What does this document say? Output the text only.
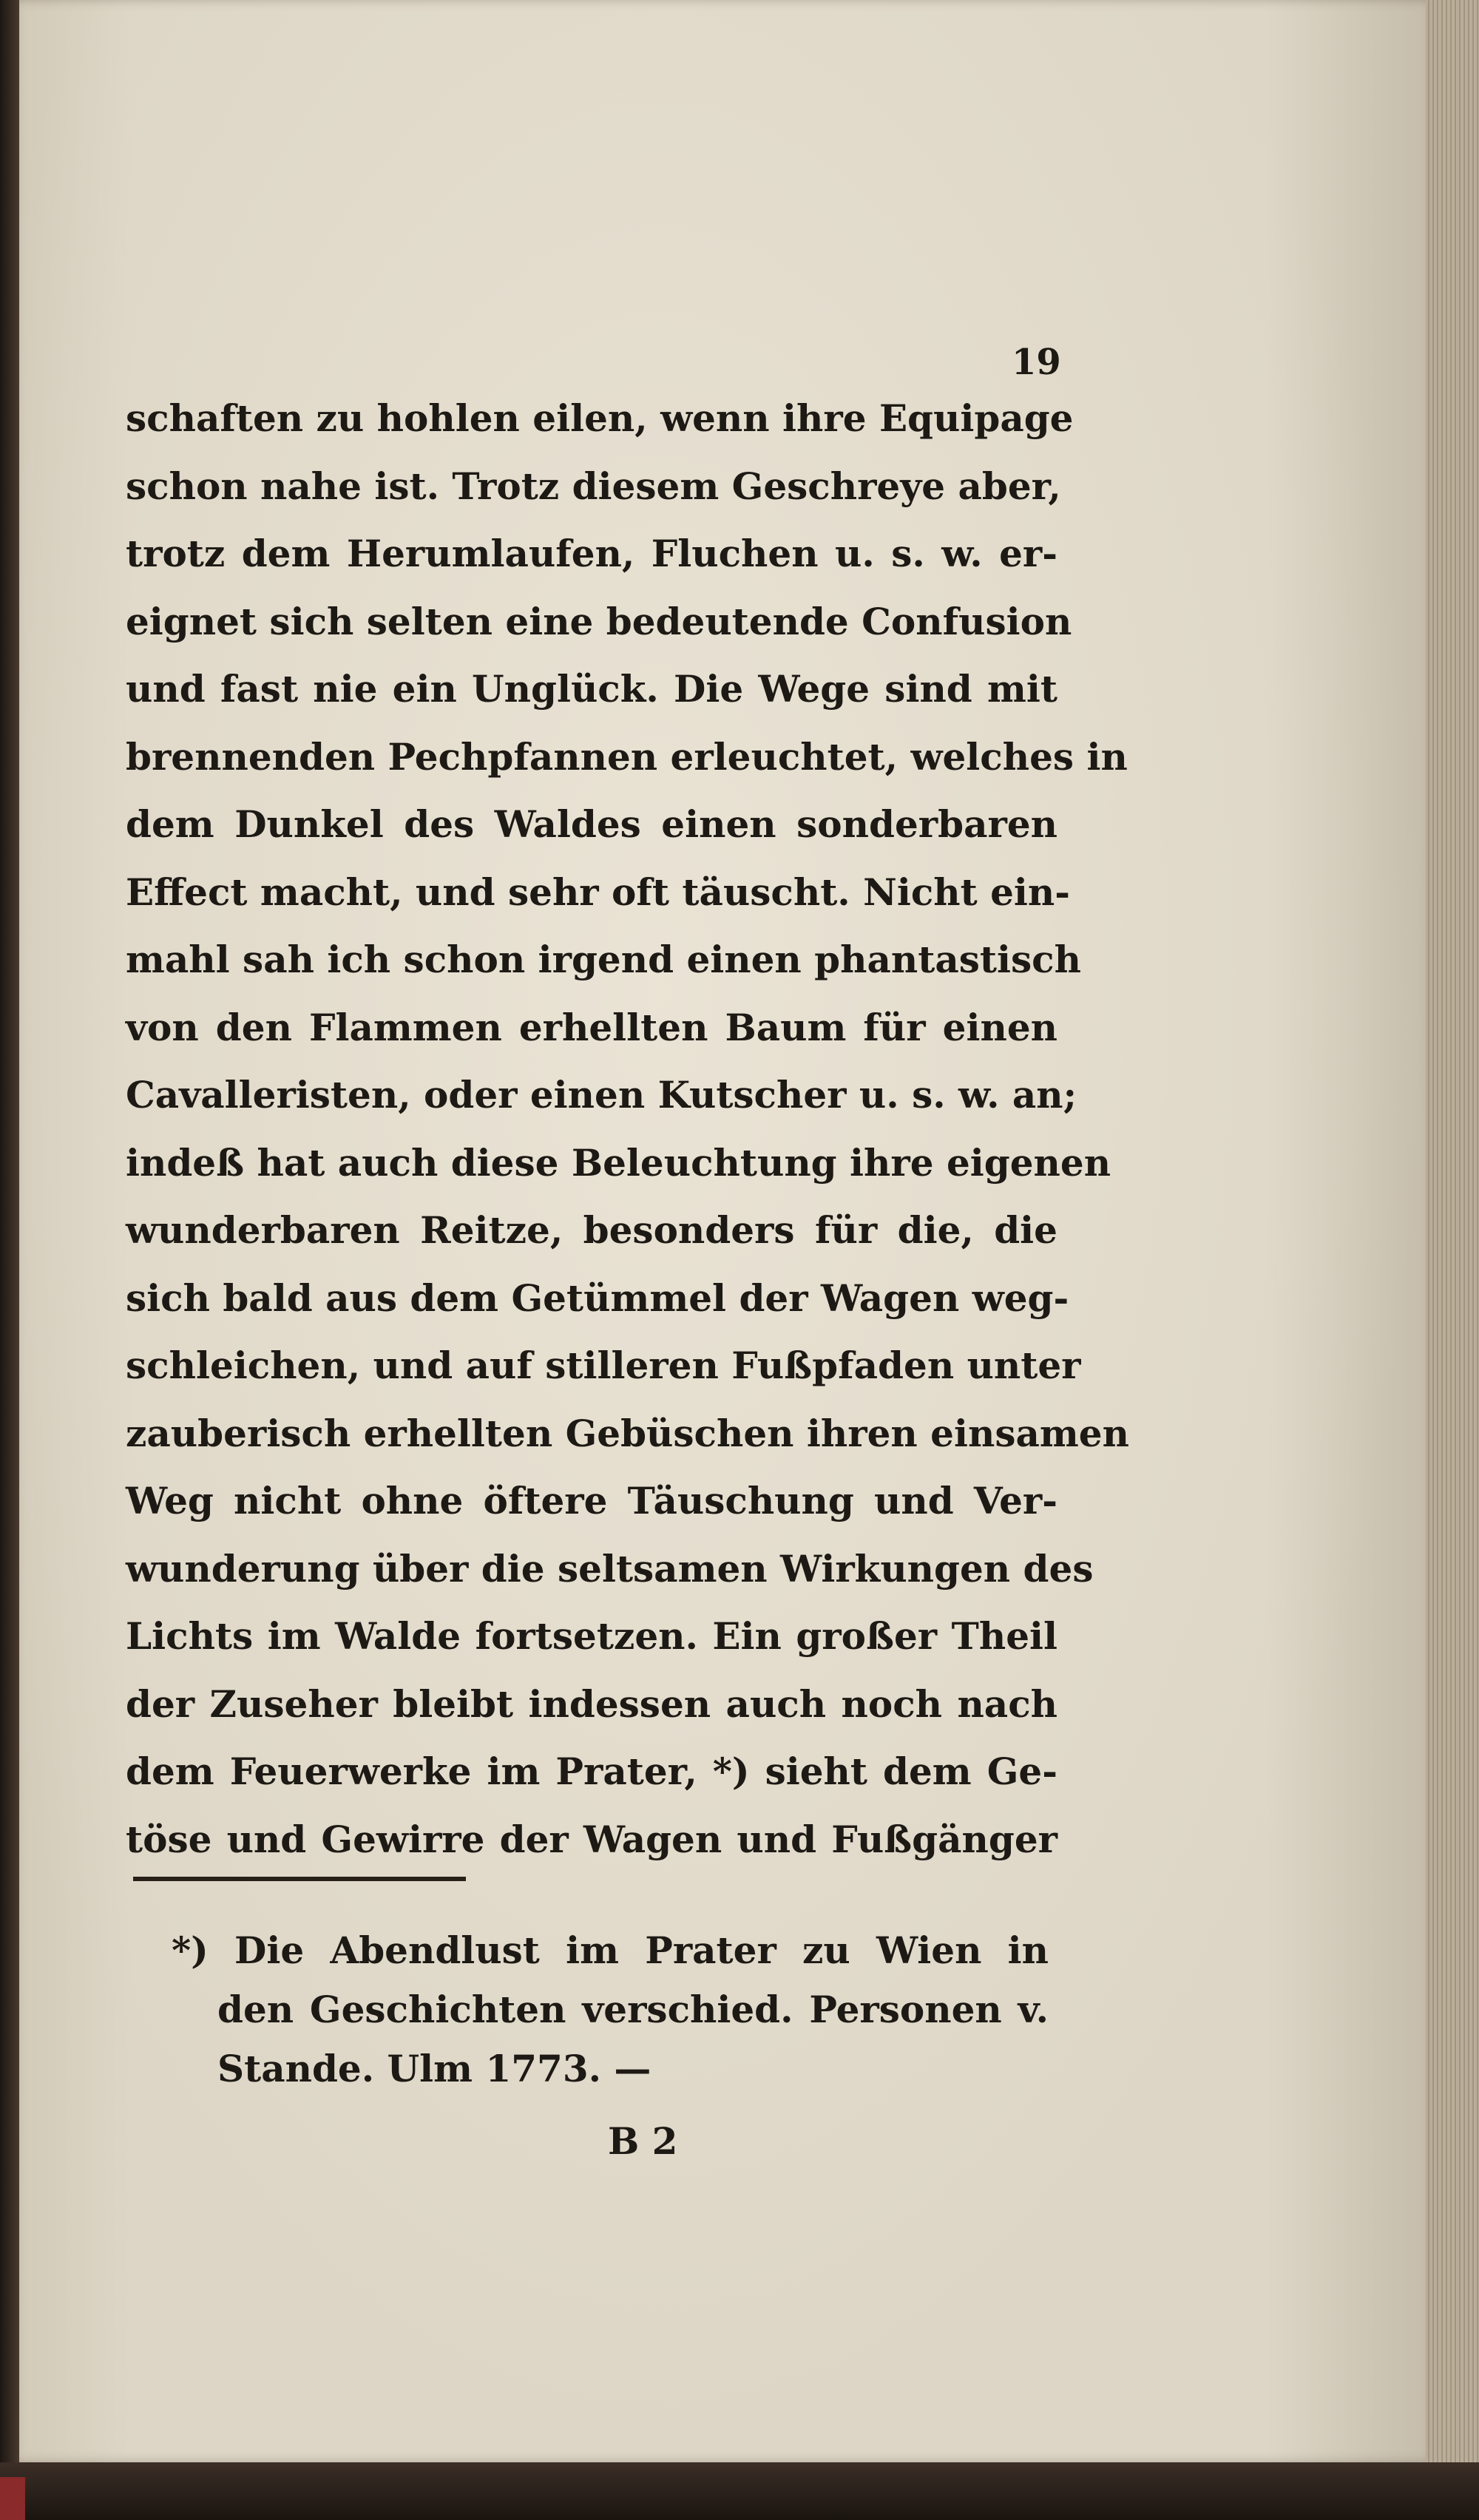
19
schaften zu hohlen eilen, wenn ihre Equipage
schon nahe ist. Trotz diesem Geschreye aber,
trotz dem Herumlaufen, Fluchen u. s. w. er-
eignet sich selten eine bedeutende Confusion
und fast nie ein Unglück. Die Wege sind mit
brennenden Pechpfannen erleuchtet, welches in
dem Dunkel des Waldes einen sonderbaren
Effect macht, und sehr oft täuscht. Nicht ein-
mahl sah ich schon irgend einen phantastisch
von den Flammen erhellten Baum für einen
Cavalleristen, oder einen Kutscher u. s. w. an;
indeß hat auch diese Beleuchtung ihre eigenen
wunderbaren Reitze, besonders für die, die
sich bald aus dem Getümmel der Wagen weg-
schleichen, und auf stilleren Fußpfaden unter
zauberisch erhellten Gebüschen ihren einsamen
Weg nicht ohne öftere Täuschung und Ver-
wunderung über die seltsamen Wirkungen des
Lichts im Walde fortsetzen. Ein großer Theil
der Zuseher bleibt indessen auch noch nach
dem Feuerwerke im Prater, *) sieht dem Ge-
töse und Gewirre der Wagen und Fußgänger
*) Die Abendlust im Prater zu Wien in
den Geschichten verschied. Personen v.
Stande. Ulm 1773. —
B 2
